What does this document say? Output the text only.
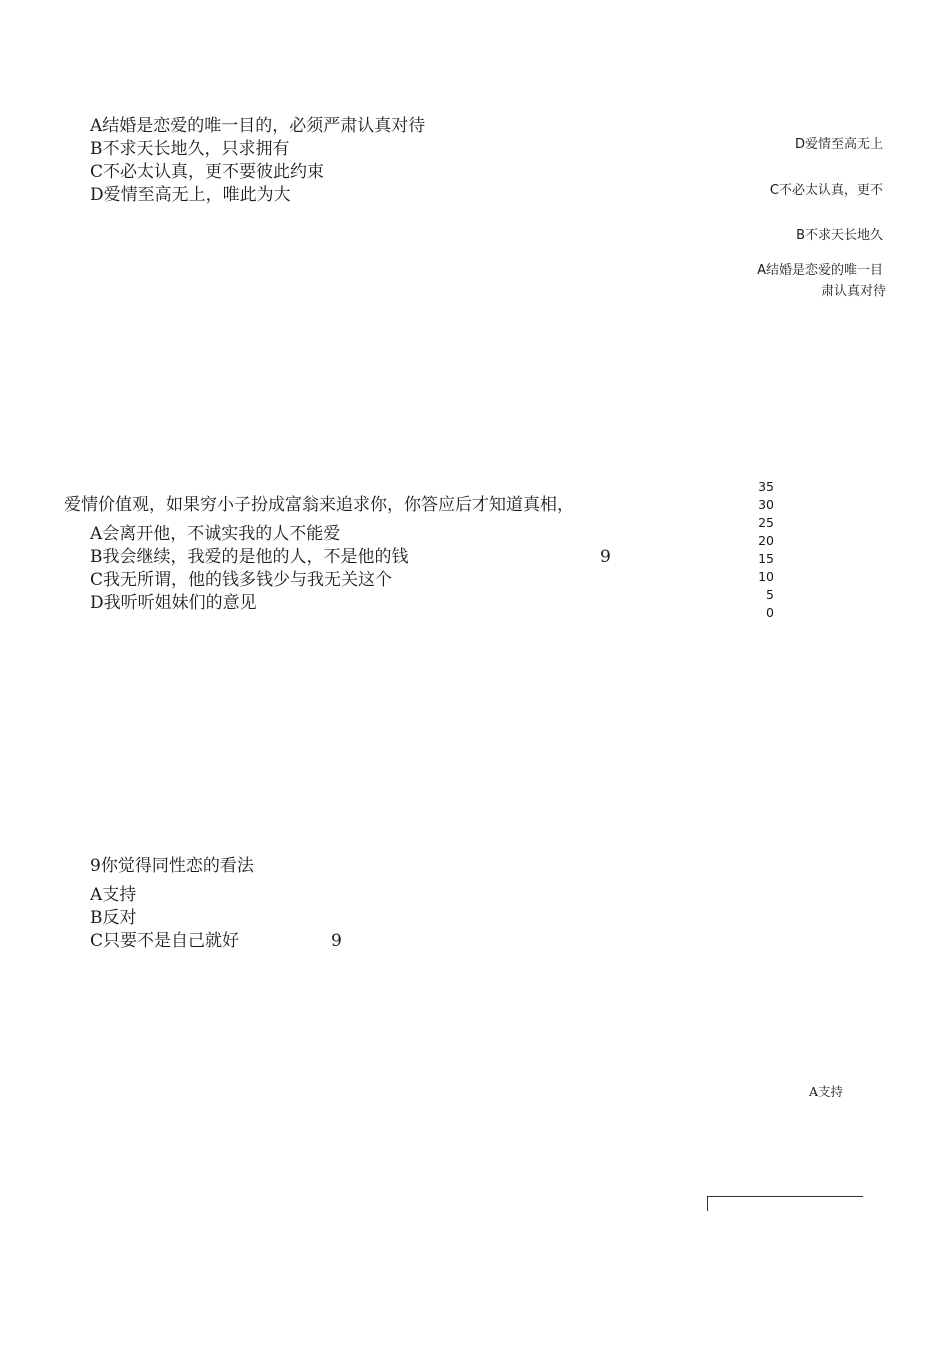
A结婚是恋爱的唯一目的，必须严肃认真对待
B不求天长地久，只求拥有
C不必太认真，更不要彼此约束
D爱情至高无上，唯此为大
D爱情至高无上
C不必太认真，更不
B不求天长地久
A结婚是恋爱的唯一目
肃认真对待
爱情价值观，如果穷小子扮成富翁来追求你，你答应后才知道真相，
A会离开他，不诚实我的人不能爱
B我会继续，我爱的是他的人，不是他的钱
C我无所谓，他的钱多钱少与我无关这个
D我听听姐妹们的意见
9
35
30
25
20
15
10
5
0
9你觉得同性恋的看法
A支持
B反对
C只要不是自己就好	9
A支持
